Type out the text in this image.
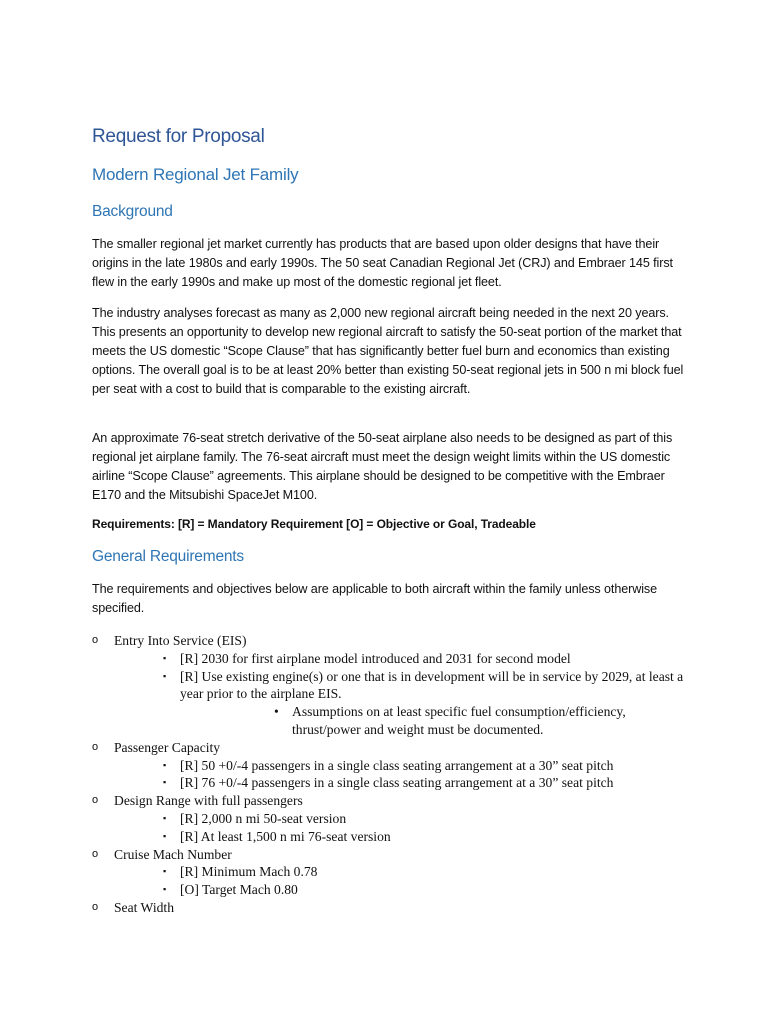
Request for Proposal
Modern Regional Jet Family
Background

The smaller regional jet market currently has products that are based upon older designs that have their origins in the late 1980s and early 1990s. The 50 seat Canadian Regional Jet (CRJ) and Embraer 145 first flew in the early 1990s and make up most of the domestic regional jet fleet.

The industry analyses forecast as many as 2,000 new regional aircraft being needed in the next 20 years. This presents an opportunity to develop new regional aircraft to satisfy the 50-seat portion of the market that meets the US domestic “Scope Clause” that has significantly better fuel burn and economics than existing options. The overall goal is to be at least 20% better than existing 50-seat regional jets in 500 n mi block fuel per seat with a cost to build that is comparable to the existing aircraft.

An approximate 76-seat stretch derivative of the 50-seat airplane also needs to be designed as part of this regional jet airplane family. The 76-seat aircraft must meet the design weight limits within the US domestic airline “Scope Clause” agreements. This airplane should be designed to be competitive with the Embraer E170 and the Mitsubishi SpaceJet M100.

Requirements: [R] = Mandatory Requirement [O] = Objective or Goal, Tradeable

General Requirements

The requirements and objectives below are applicable to both aircraft within the family unless otherwise specified.

o Entry Into Service (EIS)
▪ [R] 2030 for first airplane model introduced and 2031 for second model
▪ [R] Use existing engine(s) or one that is in development will be in service by 2029, at least a year prior to the airplane EIS.
• Assumptions on at least specific fuel consumption/efficiency, thrust/power and weight must be documented.
o Passenger Capacity
▪ [R] 50 +0/-4 passengers in a single class seating arrangement at a 30” seat pitch
▪ [R] 76 +0/-4 passengers in a single class seating arrangement at a 30” seat pitch
o Design Range with full passengers
▪ [R] 2,000 n mi 50-seat version
▪ [R] At least 1,500 n mi 76-seat version
o Cruise Mach Number
▪ [R] Minimum Mach 0.78
▪ [O] Target Mach 0.80
o Seat Width
